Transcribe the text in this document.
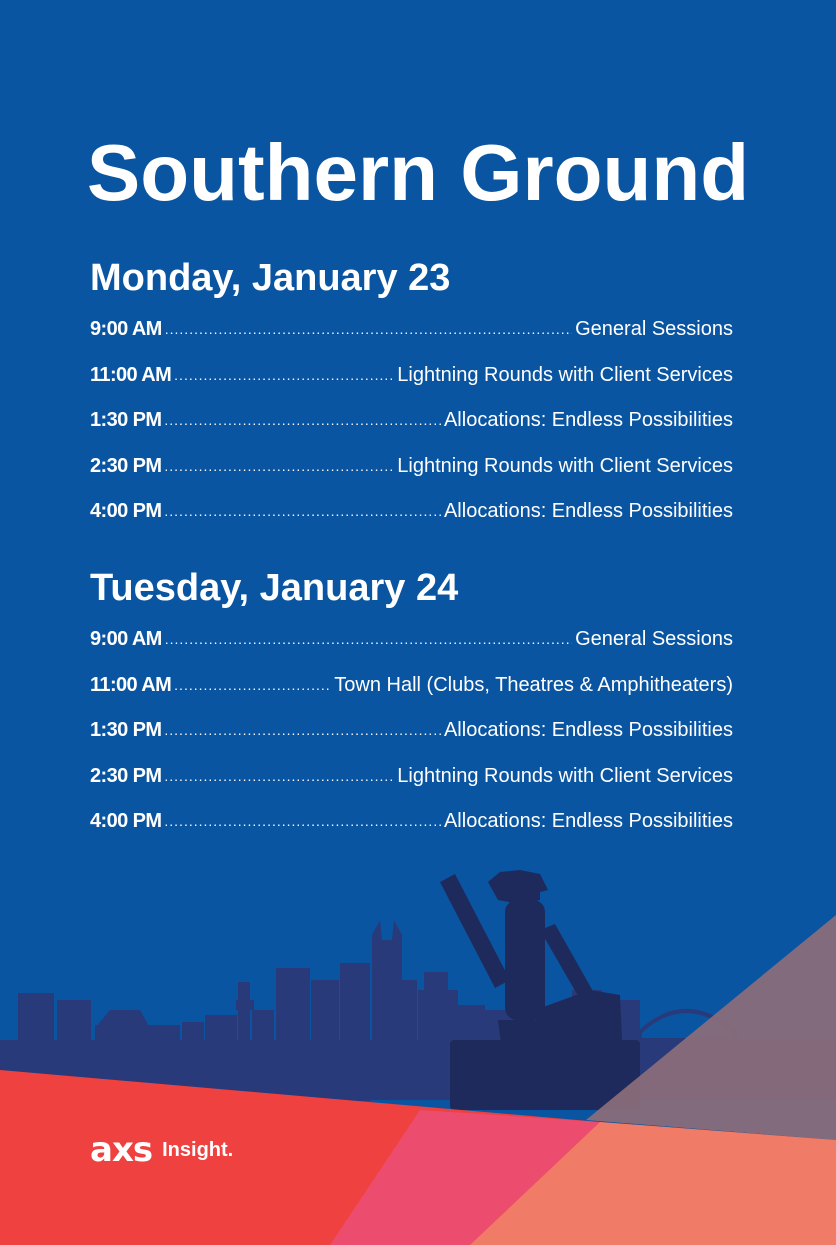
Southern Ground
Monday, January 23
9:00 AM .....	General Sessions
11:00 AM .....	Lightning Rounds with Client Services
1:30 PM .....	Allocations: Endless Possibilities
2:30 PM .....	Lightning Rounds with Client Services
4:00 PM .....	Allocations: Endless Possibilities
Tuesday, January 24
9:00 AM .....	General Sessions
11:00 AM .....	Town Hall (Clubs, Theatres & Amphitheaters)
1:30 PM .....	Allocations: Endless Possibilities
2:30 PM .....	Lightning Rounds with Client Services
4:00 PM .....	Allocations: Endless Possibilities
axs Insight.
